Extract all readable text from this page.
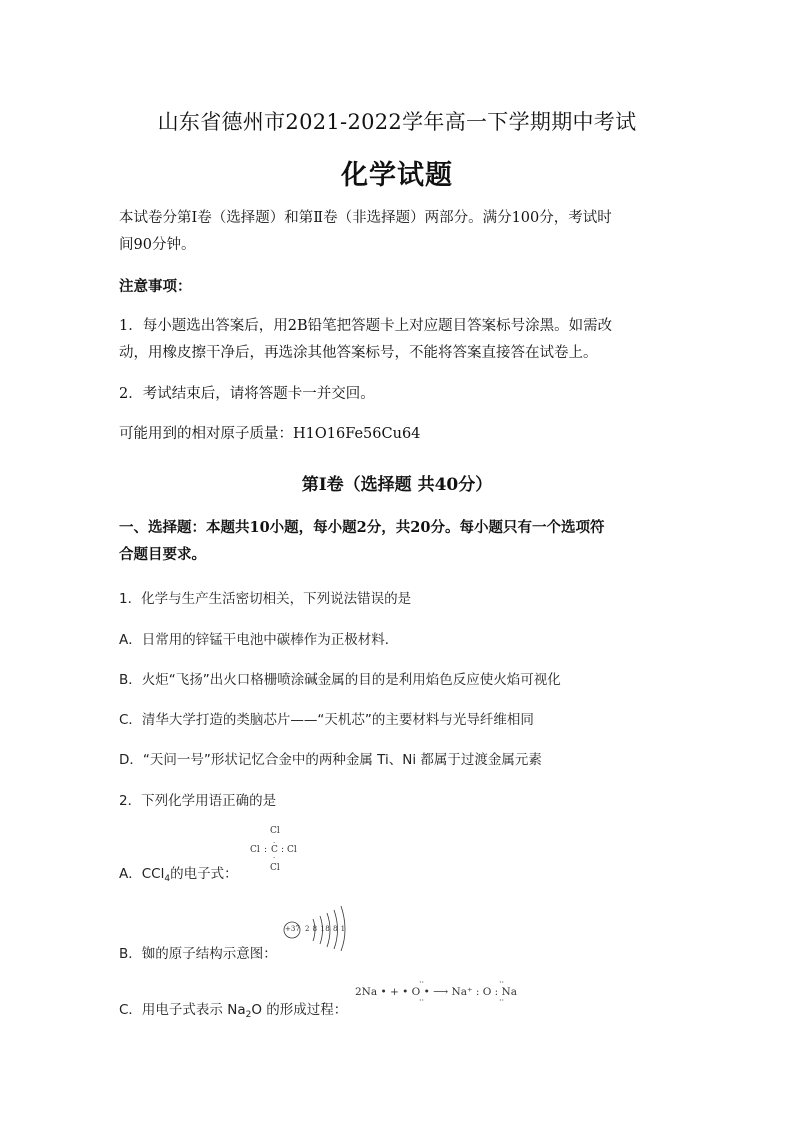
山东省德州市2021-2022学年高一下学期期中考试
化学试题
本试卷分第Ⅰ卷（选择题）和第Ⅱ卷（非选择题）两部分。满分100分，考试时
间90分钟。
注意事项：
1．每小题选出答案后，用2B铅笔把答题卡上对应题目答案标号涂黑。如需改
动，用橡皮擦干净后，再选涂其他答案标号，不能将答案直接答在试卷上。
2．考试结束后，请将答题卡一并交回。
可能用到的相对原子质量：H1O16Fe56Cu64
第Ⅰ卷（选择题 共40分）
一、选择题：本题共10小题，每小题2分，共20分。每小题只有一个选项符
合题目要求。
1．化学与生产生活密切相关，下列说法错误的是
A．日常用的锌锰干电池中碳棒作为正极材料．
B．火炬“飞扬”出火口格栅喷涂碱金属的目的是利用焰色反应使火焰可视化
C．清华大学打造的类脑芯片——“天机芯”的主要材料与光导纤维相同
D．“天问一号”形状记忆合金中的两种金属 Ti、Ni 都属于过渡金属元素
2．下列化学用语正确的是
A．CCl$_4$的电子式：
Cl
Cl : C : Cl
Cl
·
·
B．铷的原子结构示意图：
+37 2 8 18 8 1
C．用电子式表示 $Na_2O$ 的形成过程：
2Na • + • O • ⟶ Na⁺ : O : Na
··
··
··
··
